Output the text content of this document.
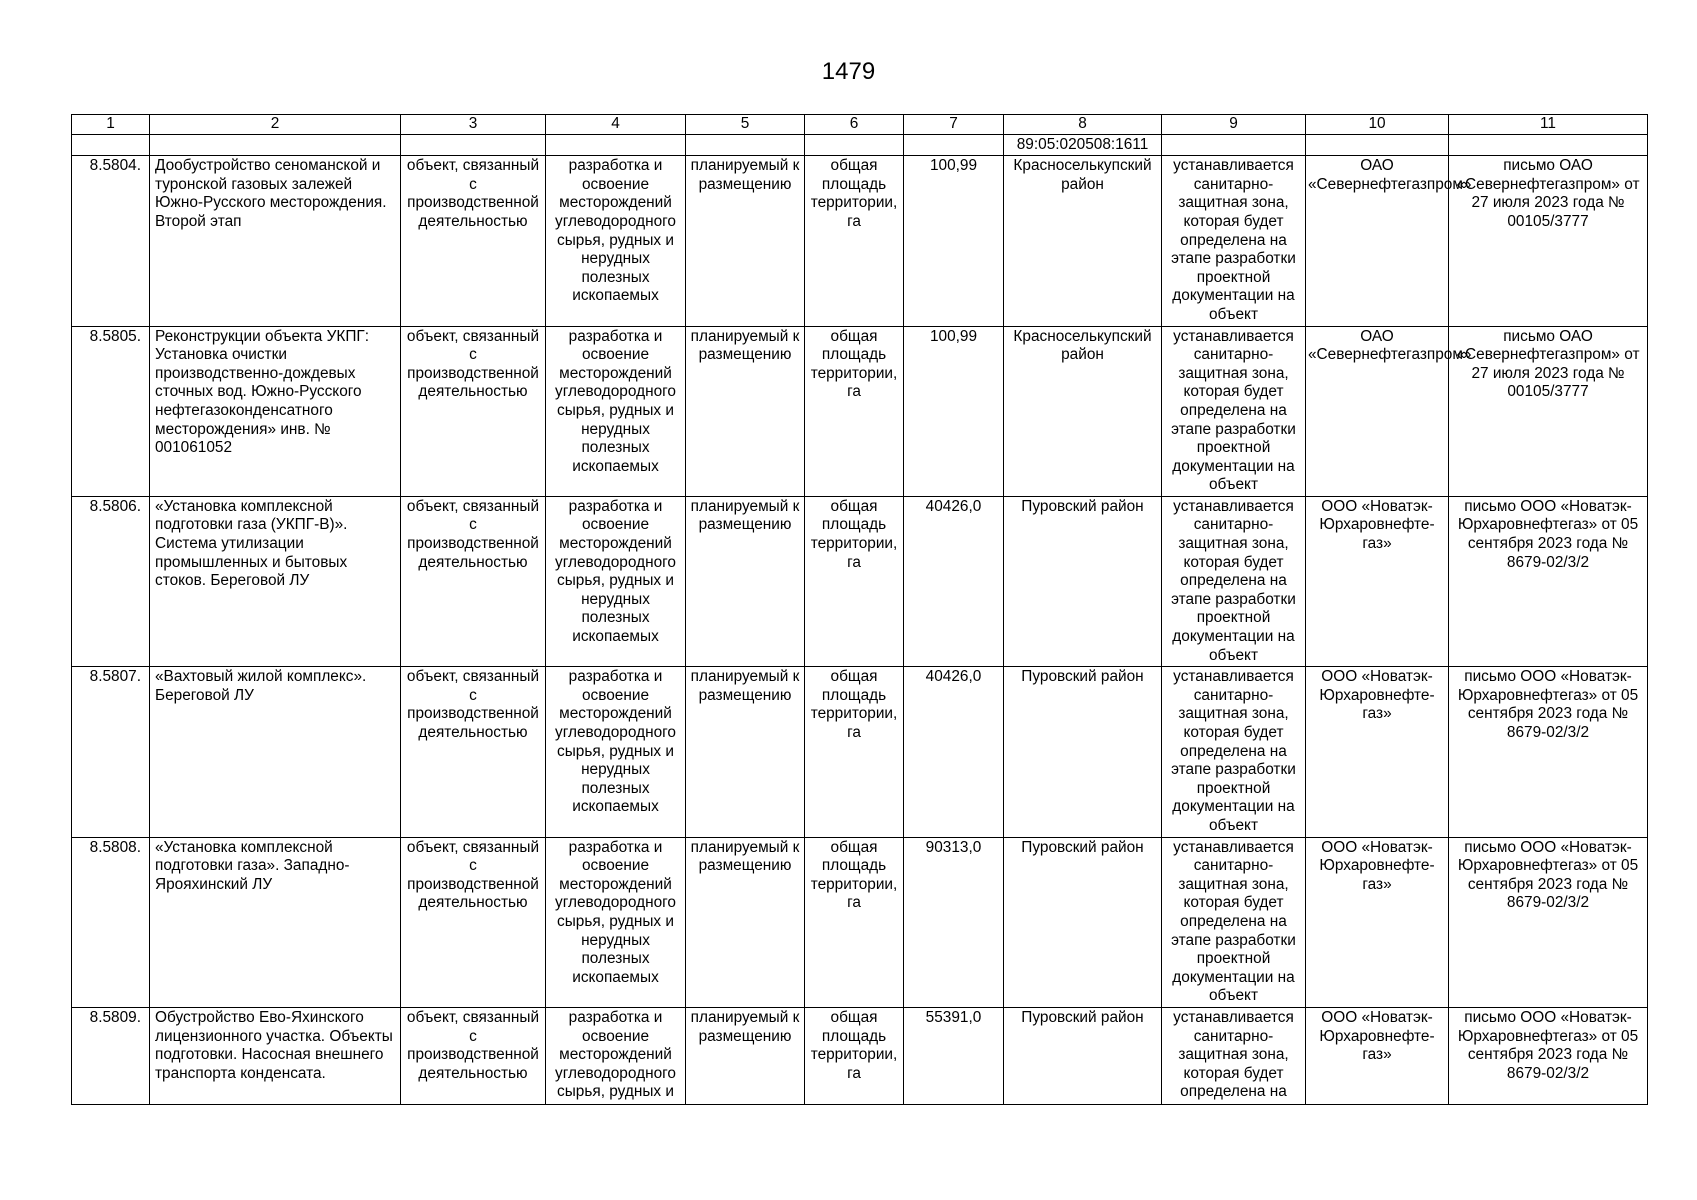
1479
1	2	3	4	5	6	7	8	9	10	11
							89:05:020508:1611			
8.5804.	Дообустройство сеноманской и туронской газовых залежей Южно-Русского месторождения. Второй этап	объект, связанный с производственной деятельностью	разработка и освоение месторождений углеводородного сырья, рудных и нерудных полезных ископаемых	планируемый к размещению	общая площадь территории, га	100,99	Красноселькупский район	устанавливается санитарно-защитная зона, которая будет определена на этапе разработки проектной документации на объект	ОАО «Севернефтегазпром»	письмо ОАО «Севернефтегазпром» от 27 июля 2023 года № 00105/3777
8.5805.	Реконструкции объекта УКПГ: Установка очистки производственно-дождевых сточных вод. Южно-Русского нефтегазоконденсатного месторождения» инв. № 001061052	объект, связанный с производственной деятельностью	разработка и освоение месторождений углеводородного сырья, рудных и нерудных полезных ископаемых	планируемый к размещению	общая площадь территории, га	100,99	Красноселькупский район	устанавливается санитарно-защитная зона, которая будет определена на этапе разработки проектной документации на объект	ОАО «Севернефтегазпром»	письмо ОАО «Севернефтегазпром» от 27 июля 2023 года № 00105/3777
8.5806.	«Установка комплексной подготовки газа (УКПГ-В)». Система утилизации промышленных и бытовых стоков. Береговой ЛУ	объект, связанный с производственной деятельностью	разработка и освоение месторождений углеводородного сырья, рудных и нерудных полезных ископаемых	планируемый к размещению	общая площадь территории, га	40426,0	Пуровский район	устанавливается санитарно-защитная зона, которая будет определена на этапе разработки проектной документации на объект	ООО «Новатэк-Юрхаровнефте-газ»	письмо ООО «Новатэк-Юрхаровнефтегаз» от 05 сентября 2023 года № 8679-02/3/2
8.5807.	«Вахтовый жилой комплекс». Береговой ЛУ	объект, связанный с производственной деятельностью	разработка и освоение месторождений углеводородного сырья, рудных и нерудных полезных ископаемых	планируемый к размещению	общая площадь территории, га	40426,0	Пуровский район	устанавливается санитарно-защитная зона, которая будет определена на этапе разработки проектной документации на объект	ООО «Новатэк-Юрхаровнефте-газ»	письмо ООО «Новатэк-Юрхаровнефтегаз» от 05 сентября 2023 года № 8679-02/3/2
8.5808.	«Установка комплексной подготовки газа». Западно-Ярояхинский ЛУ	объект, связанный с производственной деятельностью	разработка и освоение месторождений углеводородного сырья, рудных и нерудных полезных ископаемых	планируемый к размещению	общая площадь территории, га	90313,0	Пуровский район	устанавливается санитарно-защитная зона, которая будет определена на этапе разработки проектной документации на объект	ООО «Новатэк-Юрхаровнефте-газ»	письмо ООО «Новатэк-Юрхаровнефтегаз» от 05 сентября 2023 года № 8679-02/3/2
8.5809.	Обустройство Ево-Яхинского лицензионного участка. Объекты подготовки. Насосная внешнего транспорта конденсата.	объект, связанный с производственной деятельностью	разработка и освоение месторождений углеводородного сырья, рудных и	планируемый к размещению	общая площадь территории, га	55391,0	Пуровский район	устанавливается санитарно-защитная зона, которая будет определена на	ООО «Новатэк-Юрхаровнефте-газ»	письмо ООО «Новатэк-Юрхаровнефтегаз» от 05 сентября 2023 года № 8679-02/3/2
